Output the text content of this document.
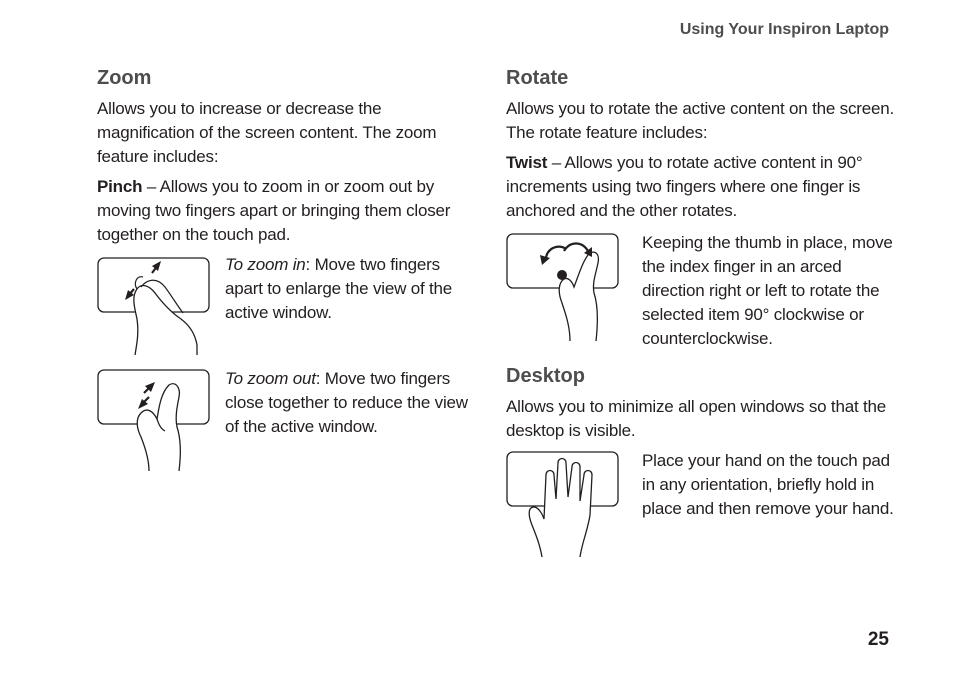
Using Your Inspiron Laptop
Zoom

Allows you to increase or decrease the magnification of the screen content. The zoom feature includes:

Pinch – Allows you to zoom in or zoom out by moving two fingers apart or bringing them closer together on the touch pad.

To zoom in: Move two fingers apart to enlarge the view of the active window.

To zoom out: Move two fingers close together to reduce the view of the active window.

Rotate

Allows you to rotate the active content on the screen. The rotate feature includes:

Twist – Allows you to rotate active content in 90° increments using two fingers where one finger is anchored and the other rotates.

Keeping the thumb in place, move the index finger in an arced direction right or left to rotate the selected item 90° clockwise or counterclockwise.

Desktop

Allows you to minimize all open windows so that the desktop is visible.

Place your hand on the touch pad in any orientation, briefly hold in place and then remove your hand.

25
